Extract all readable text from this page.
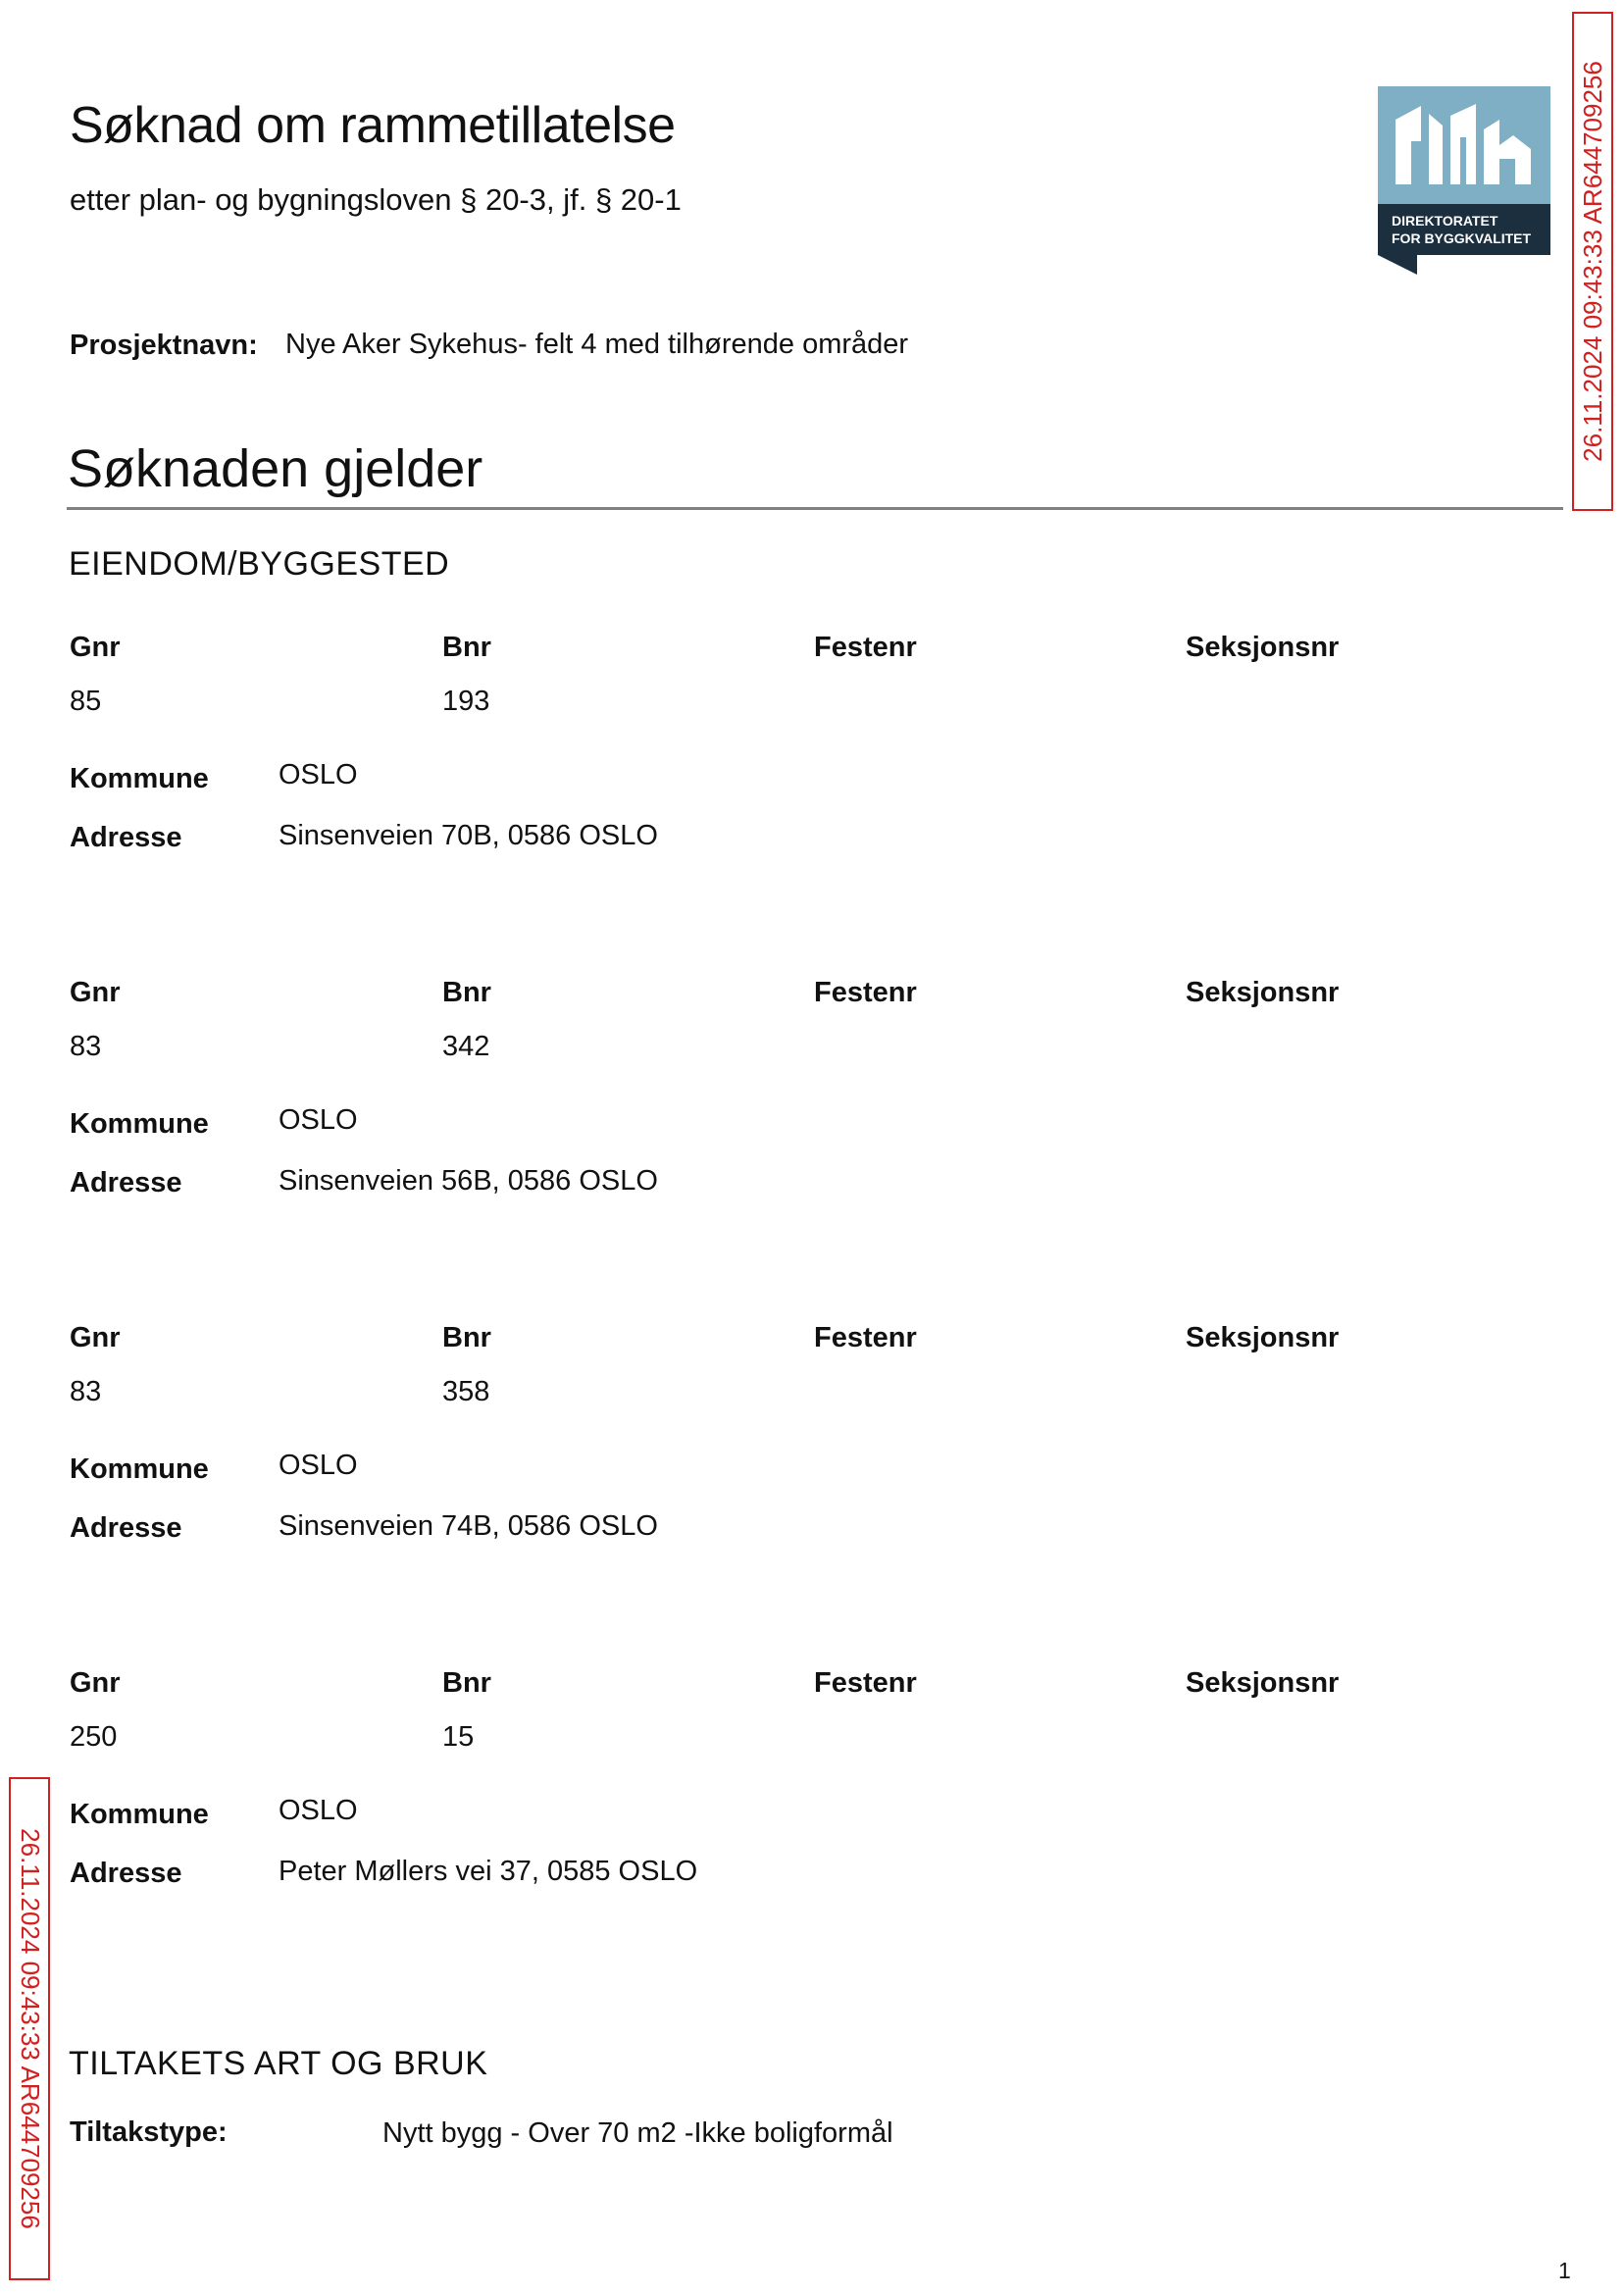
Søknad om rammetillatelse
etter plan- og bygningsloven § 20-3, jf. § 20-1
DIREKTORATET
FOR BYGGKVALITET 26.11.2024 09:43:33 AR644709256
26.11.2024 09:43:33 AR644709256
Prosjektnavn: Nye Aker Sykehus- felt 4 med tilhørende områder
Søknaden gjelder
EIENDOM/BYGGESTED
Gnr	Bnr	Festenr	Seksjonsnr
85	193
Kommune OSLO
Adresse	Sinsenveien 70B, 0586 OSLO
Gnr	Bnr	Festenr	Seksjonsnr
83	342
Kommune OSLO
Adresse	Sinsenveien 56B, 0586 OSLO
Gnr	Bnr	Festenr	Seksjonsnr
83	358
Kommune OSLO
Adresse	Sinsenveien 74B, 0586 OSLO
Gnr	Bnr	Festenr	Seksjonsnr
250	15
Kommune OSLO
Adresse	Peter Møllers vei 37, 0585 OSLO
TILTAKETS ART OG BRUK
Tiltakstype:	Nytt bygg - Over 70 m2 -Ikke boligformål
1
